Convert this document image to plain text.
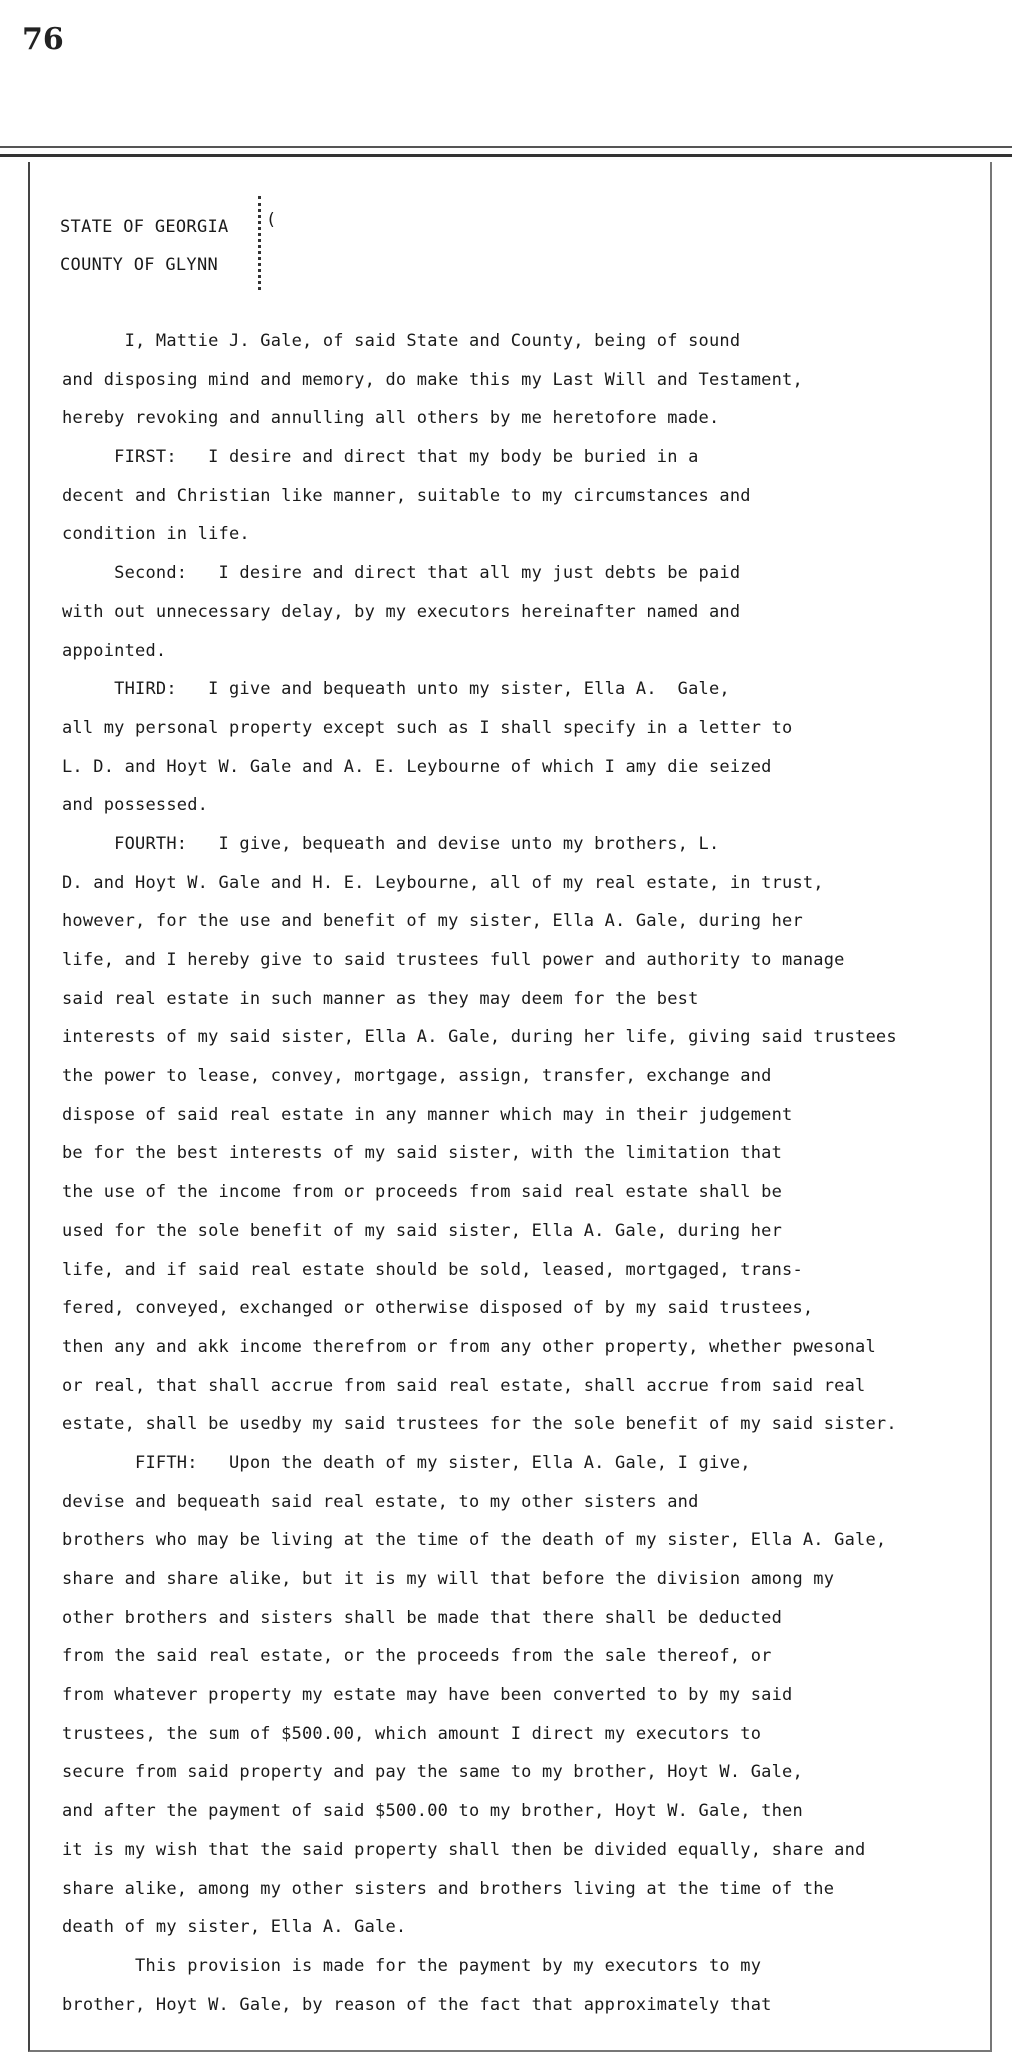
76
STATE OF GEORGIA
COUNTY OF GLYNN
(
I, Mattie J. Gale, of said State and County, being of sound
and disposing mind and memory, do make this my Last Will and Testament,
hereby revoking and annulling all others by me heretofore made.
FIRST:   I desire and direct that my body be buried in a
decent and Christian like manner, suitable to my circumstances and
condition in life.
Second:   I desire and direct that all my just debts be paid
with out unnecessary delay, by my executors hereinafter named and
appointed.
THIRD:   I give and bequeath unto my sister, Ella A.  Gale,
all my personal property except such as I shall specify in a letter to
L. D. and Hoyt W. Gale and A. E. Leybourne of which I amy die seized
and possessed.
FOURTH:   I give, bequeath and devise unto my brothers, L.
D. and Hoyt W. Gale and H. E. Leybourne, all of my real estate, in trust,
however, for the use and benefit of my sister, Ella A. Gale, during her
life, and I hereby give to said trustees full power and authority to manage
said real estate in such manner as they may deem for the best
interests of my said sister, Ella A. Gale, during her life, giving said trustees
the power to lease, convey, mortgage, assign, transfer, exchange and
dispose of said real estate in any manner which may in their judgement
be for the best interests of my said sister, with the limitation that
the use of the income from or proceeds from said real estate shall be
used for the sole benefit of my said sister, Ella A. Gale, during her
life, and if said real estate should be sold, leased, mortgaged, trans-
fered, conveyed, exchanged or otherwise disposed of by my said trustees,
then any and akk income therefrom or from any other property, whether pwesonal
or real, that shall accrue from said real estate, shall accrue from said real
estate, shall be usedby my said trustees for the sole benefit of my said sister.
FIFTH:   Upon the death of my sister, Ella A. Gale, I give,
devise and bequeath said real estate, to my other sisters and
brothers who may be living at the time of the death of my sister, Ella A. Gale,
share and share alike, but it is my will that before the division among my
other brothers and sisters shall be made that there shall be deducted
from the said real estate, or the proceeds from the sale thereof, or
from whatever property my estate may have been converted to by my said
trustees, the sum of $500.00, which amount I direct my executors to
secure from said property and pay the same to my brother, Hoyt W. Gale,
and after the payment of said $500.00 to my brother, Hoyt W. Gale, then
it is my wish that the said property shall then be divided equally, share and
share alike, among my other sisters and brothers living at the time of the
death of my sister, Ella A. Gale.
This provision is made for the payment by my executors to my
brother, Hoyt W. Gale, by reason of the fact that approximately that
